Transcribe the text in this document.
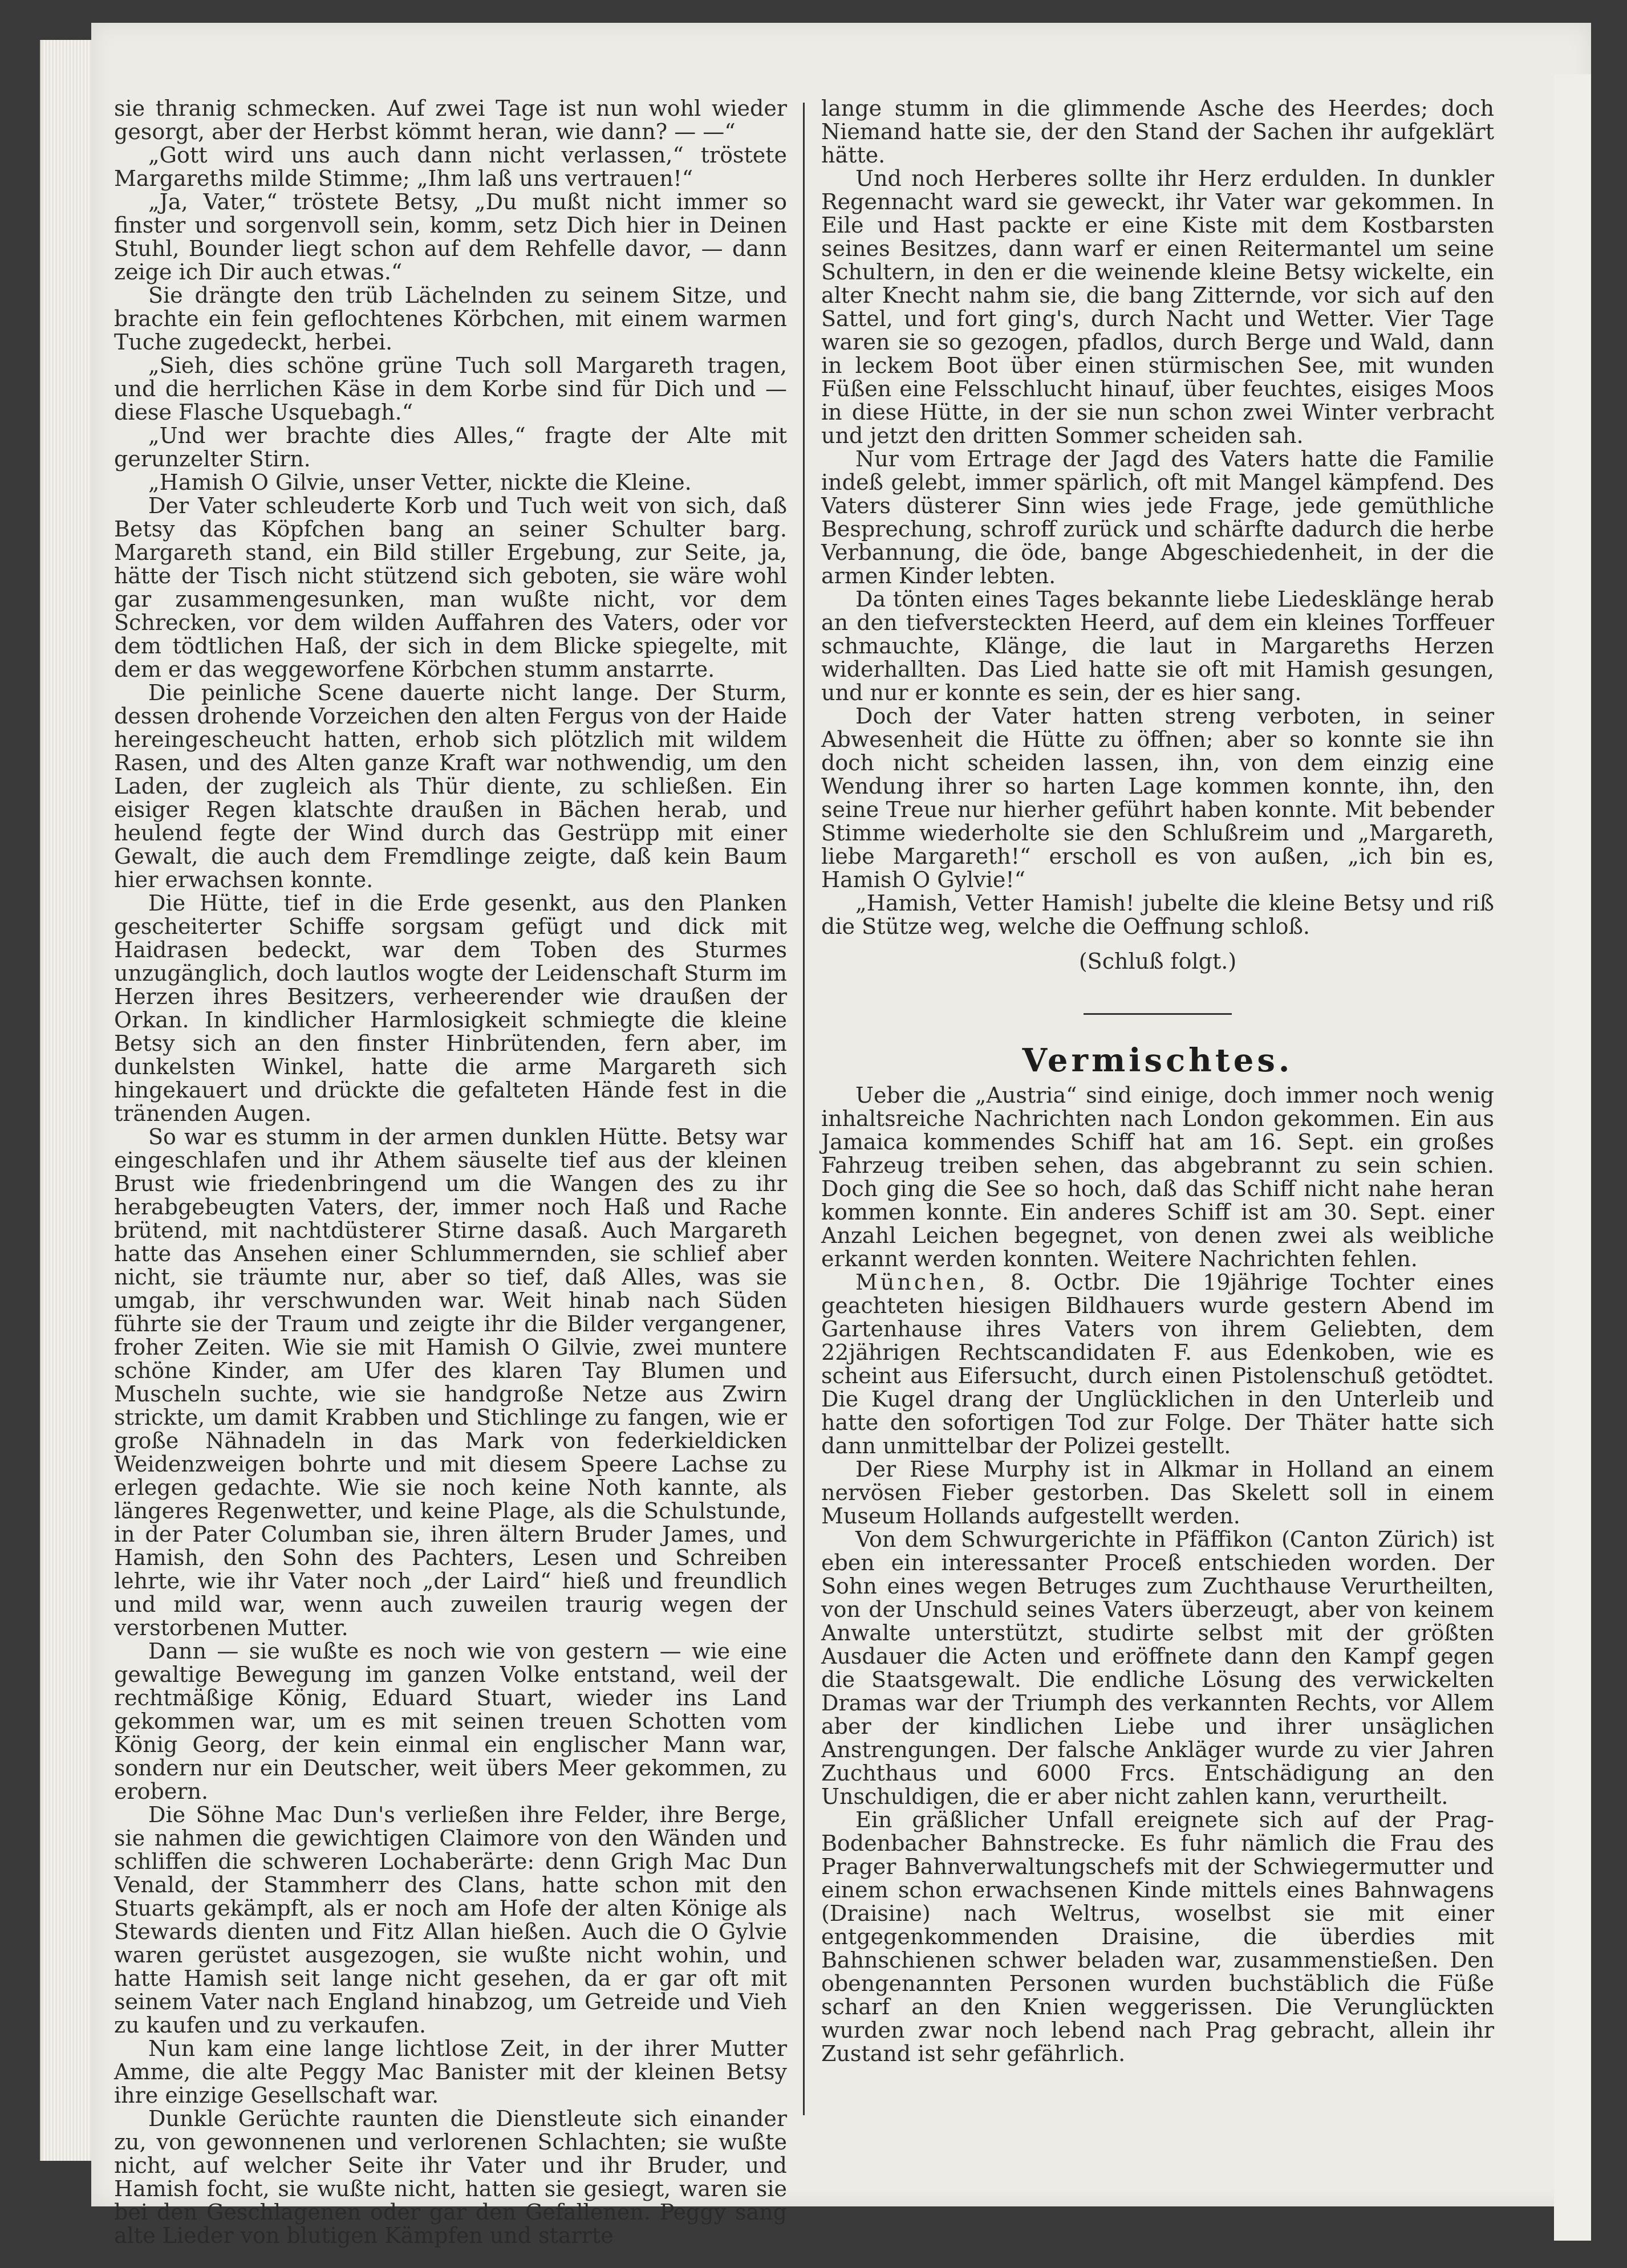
sie thranig schmecken. Auf zwei Tage ist nun wohl wieder gesorgt, aber der Herbst kömmt heran, wie dann? — —“

„Gott wird uns auch dann nicht verlassen,“ tröstete Margareths milde Stimme; „Ihm laß uns vertrauen!“

„Ja, Vater,“ tröstete Betsy, „Du mußt nicht immer so finster und sorgenvoll sein, komm, setz Dich hier in Deinen Stuhl, Bounder liegt schon auf dem Rehfelle davor, — dann zeige ich Dir auch etwas.“

Sie drängte den trüb Lächelnden zu seinem Sitze, und brachte ein fein geflochtenes Körbchen, mit einem warmen Tuche zugedeckt, herbei.

„Sieh, dies schöne grüne Tuch soll Margareth tragen, und die herrlichen Käse in dem Korbe sind für Dich und — diese Flasche Usquebagh.“

„Und wer brachte dies Alles,“ fragte der Alte mit gerunzelter Stirn.

„Hamish O Gilvie, unser Vetter, nickte die Kleine.

Der Vater schleuderte Korb und Tuch weit von sich, daß Betsy das Köpfchen bang an seiner Schulter barg. Margareth stand, ein Bild stiller Ergebung, zur Seite, ja, hätte der Tisch nicht stützend sich geboten, sie wäre wohl gar zusammengesunken, man wußte nicht, vor dem Schrecken, vor dem wilden Auffahren des Vaters, oder vor dem tödtlichen Haß, der sich in dem Blicke spiegelte, mit dem er das weggeworfene Körbchen stumm anstarrte.

Die peinliche Scene dauerte nicht lange. Der Sturm, dessen drohende Vorzeichen den alten Fergus von der Haide hereingescheucht hatten, erhob sich plötzlich mit wildem Rasen, und des Alten ganze Kraft war nothwendig, um den Laden, der zugleich als Thür diente, zu schließen. Ein eisiger Regen klatschte draußen in Bächen herab, und heulend fegte der Wind durch das Gestrüpp mit einer Gewalt, die auch dem Fremdlinge zeigte, daß kein Baum hier erwachsen konnte.

Die Hütte, tief in die Erde gesenkt, aus den Planken gescheiterter Schiffe sorgsam gefügt und dick mit Haidrasen bedeckt, war dem Toben des Sturmes unzugänglich, doch lautlos wogte der Leidenschaft Sturm im Herzen ihres Besitzers, verheerender wie draußen der Orkan. In kindlicher Harmlosigkeit schmiegte die kleine Betsy sich an den finster Hinbrütenden, fern aber, im dunkelsten Winkel, hatte die arme Margareth sich hingekauert und drückte die gefalteten Hände fest in die tränenden Augen.

So war es stumm in der armen dunklen Hütte. Betsy war eingeschlafen und ihr Athem säuselte tief aus der kleinen Brust wie friedenbringend um die Wangen des zu ihr herabgebeugten Vaters, der, immer noch Haß und Rache brütend, mit nachtdüsterer Stirne dasaß. Auch Margareth hatte das Ansehen einer Schlummernden, sie schlief aber nicht, sie träumte nur, aber so tief, daß Alles, was sie umgab, ihr verschwunden war. Weit hinab nach Süden führte sie der Traum und zeigte ihr die Bilder vergangener, froher Zeiten. Wie sie mit Hamish O Gilvie, zwei muntere schöne Kinder, am Ufer des klaren Tay Blumen und Muscheln suchte, wie sie handgroße Netze aus Zwirn strickte, um damit Krabben und Stichlinge zu fangen, wie er große Nähnadeln in das Mark von federkieldicken Weidenzweigen bohrte und mit diesem Speere Lachse zu erlegen gedachte. Wie sie noch keine Noth kannte, als längeres Regenwetter, und keine Plage, als die Schulstunde, in der Pater Columban sie, ihren ältern Bruder James, und Hamish, den Sohn des Pachters, Lesen und Schreiben lehrte, wie ihr Vater noch „der Laird“ hieß und freundlich und mild war, wenn auch zuweilen traurig wegen der verstorbenen Mutter.

Dann — sie wußte es noch wie von gestern — wie eine gewaltige Bewegung im ganzen Volke entstand, weil der rechtmäßige König, Eduard Stuart, wieder ins Land gekommen war, um es mit seinen treuen Schotten vom König Georg, der kein einmal ein englischer Mann war, sondern nur ein Deutscher, weit übers Meer gekommen, zu erobern.

Die Söhne Mac Dun's verließen ihre Felder, ihre Berge, sie nahmen die gewichtigen Claimore von den Wänden und schliffen die schweren Lochaberärte: denn Grigh Mac Dun Venald, der Stammherr des Clans, hatte schon mit den Stuarts gekämpft, als er noch am Hofe der alten Könige als Stewards dienten und Fitz Allan hießen. Auch die O Gylvie waren gerüstet ausgezogen, sie wußte nicht wohin, und hatte Hamish seit lange nicht gesehen, da er gar oft mit seinem Vater nach England hinabzog, um Getreide und Vieh zu kaufen und zu verkaufen.

Nun kam eine lange lichtlose Zeit, in der ihrer Mutter Amme, die alte Peggy Mac Banister mit der kleinen Betsy ihre einzige Gesellschaft war.

Dunkle Gerüchte raunten die Dienstleute sich einander zu, von gewonnenen und verlorenen Schlachten; sie wußte nicht, auf welcher Seite ihr Vater und ihr Bruder, und Hamish focht, sie wußte nicht, hatten sie gesiegt, waren sie bei den Geschlagenen oder gar den Gefallenen. Peggy sang alte Lieder von blutigen Kämpfen und starrte

lange stumm in die glimmende Asche des Heerdes; doch Niemand hatte sie, der den Stand der Sachen ihr aufgeklärt hätte.

Und noch Herberes sollte ihr Herz erdulden. In dunkler Regennacht ward sie geweckt, ihr Vater war gekommen. In Eile und Hast packte er eine Kiste mit dem Kostbarsten seines Besitzes, dann warf er einen Reitermantel um seine Schultern, in den er die weinende kleine Betsy wickelte, ein alter Knecht nahm sie, die bang Zitternde, vor sich auf den Sattel, und fort ging's, durch Nacht und Wetter. Vier Tage waren sie so gezogen, pfadlos, durch Berge und Wald, dann in leckem Boot über einen stürmischen See, mit wunden Füßen eine Felsschlucht hinauf, über feuchtes, eisiges Moos in diese Hütte, in der sie nun schon zwei Winter verbracht und jetzt den dritten Sommer scheiden sah.

Nur vom Ertrage der Jagd des Vaters hatte die Familie indeß gelebt, immer spärlich, oft mit Mangel kämpfend. Des Vaters düsterer Sinn wies jede Frage, jede gemüthliche Besprechung, schroff zurück und schärfte dadurch die herbe Verbannung, die öde, bange Abgeschiedenheit, in der die armen Kinder lebten.

Da tönten eines Tages bekannte liebe Liedesklänge herab an den tiefversteckten Heerd, auf dem ein kleines Torffeuer schmauchte, Klänge, die laut in Margareths Herzen widerhallten. Das Lied hatte sie oft mit Hamish gesungen, und nur er konnte es sein, der es hier sang.

Doch der Vater hatten streng verboten, in seiner Abwesenheit die Hütte zu öffnen; aber so konnte sie ihn doch nicht scheiden lassen, ihn, von dem einzig eine Wendung ihrer so harten Lage kommen konnte, ihn, den seine Treue nur hierher geführt haben konnte. Mit bebender Stimme wiederholte sie den Schlußreim und „Margareth, liebe Margareth!“ erscholl es von außen, „ich bin es, Hamish O Gylvie!“

„Hamish, Vetter Hamish! jubelte die kleine Betsy und riß die Stütze weg, welche die Oeffnung schloß.

(Schluß folgt.)

Vermischtes.

Ueber die „Austria“ sind einige, doch immer noch wenig inhaltsreiche Nachrichten nach London gekommen. Ein aus Jamaica kommendes Schiff hat am 16. Sept. ein großes Fahrzeug treiben sehen, das abgebrannt zu sein schien. Doch ging die See so hoch, daß das Schiff nicht nahe heran kommen konnte. Ein anderes Schiff ist am 30. Sept. einer Anzahl Leichen begegnet, von denen zwei als weibliche erkannt werden konnten. Weitere Nachrichten fehlen.

München, 8. Octbr. Die 19jährige Tochter eines geachteten hiesigen Bildhauers wurde gestern Abend im Gartenhause ihres Vaters von ihrem Geliebten, dem 22jährigen Rechtscandidaten F. aus Edenkoben, wie es scheint aus Eifersucht, durch einen Pistolenschuß getödtet. Die Kugel drang der Unglücklichen in den Unterleib und hatte den sofortigen Tod zur Folge. Der Thäter hatte sich dann unmittelbar der Polizei gestellt.

Der Riese Murphy ist in Alkmar in Holland an einem nervösen Fieber gestorben. Das Skelett soll in einem Museum Hollands aufgestellt werden.

Von dem Schwurgerichte in Pfäffikon (Canton Zürich) ist eben ein interessanter Proceß entschieden worden. Der Sohn eines wegen Betruges zum Zuchthause Verurtheilten, von der Unschuld seines Vaters überzeugt, aber von keinem Anwalte unterstützt, studirte selbst mit der größten Ausdauer die Acten und eröffnete dann den Kampf gegen die Staatsgewalt. Die endliche Lösung des verwickelten Dramas war der Triumph des verkannten Rechts, vor Allem aber der kindlichen Liebe und ihrer unsäglichen Anstrengungen. Der falsche Ankläger wurde zu vier Jahren Zuchthaus und 6000 Frcs. Entschädigung an den Unschuldigen, die er aber nicht zahlen kann, verurtheilt.

Ein gräßlicher Unfall ereignete sich auf der Prag-Bodenbacher Bahnstrecke. Es fuhr nämlich die Frau des Prager Bahnverwaltungschefs mit der Schwiegermutter und einem schon erwachsenen Kinde mittels eines Bahnwagens (Draisine) nach Weltrus, woselbst sie mit einer entgegenkommenden Draisine, die überdies mit Bahnschienen schwer beladen war, zusammenstießen. Den obengenannten Personen wurden buchstäblich die Füße scharf an den Knien weggerissen. Die Verunglückten wurden zwar noch lebend nach Prag gebracht, allein ihr Zustand ist sehr gefährlich.
